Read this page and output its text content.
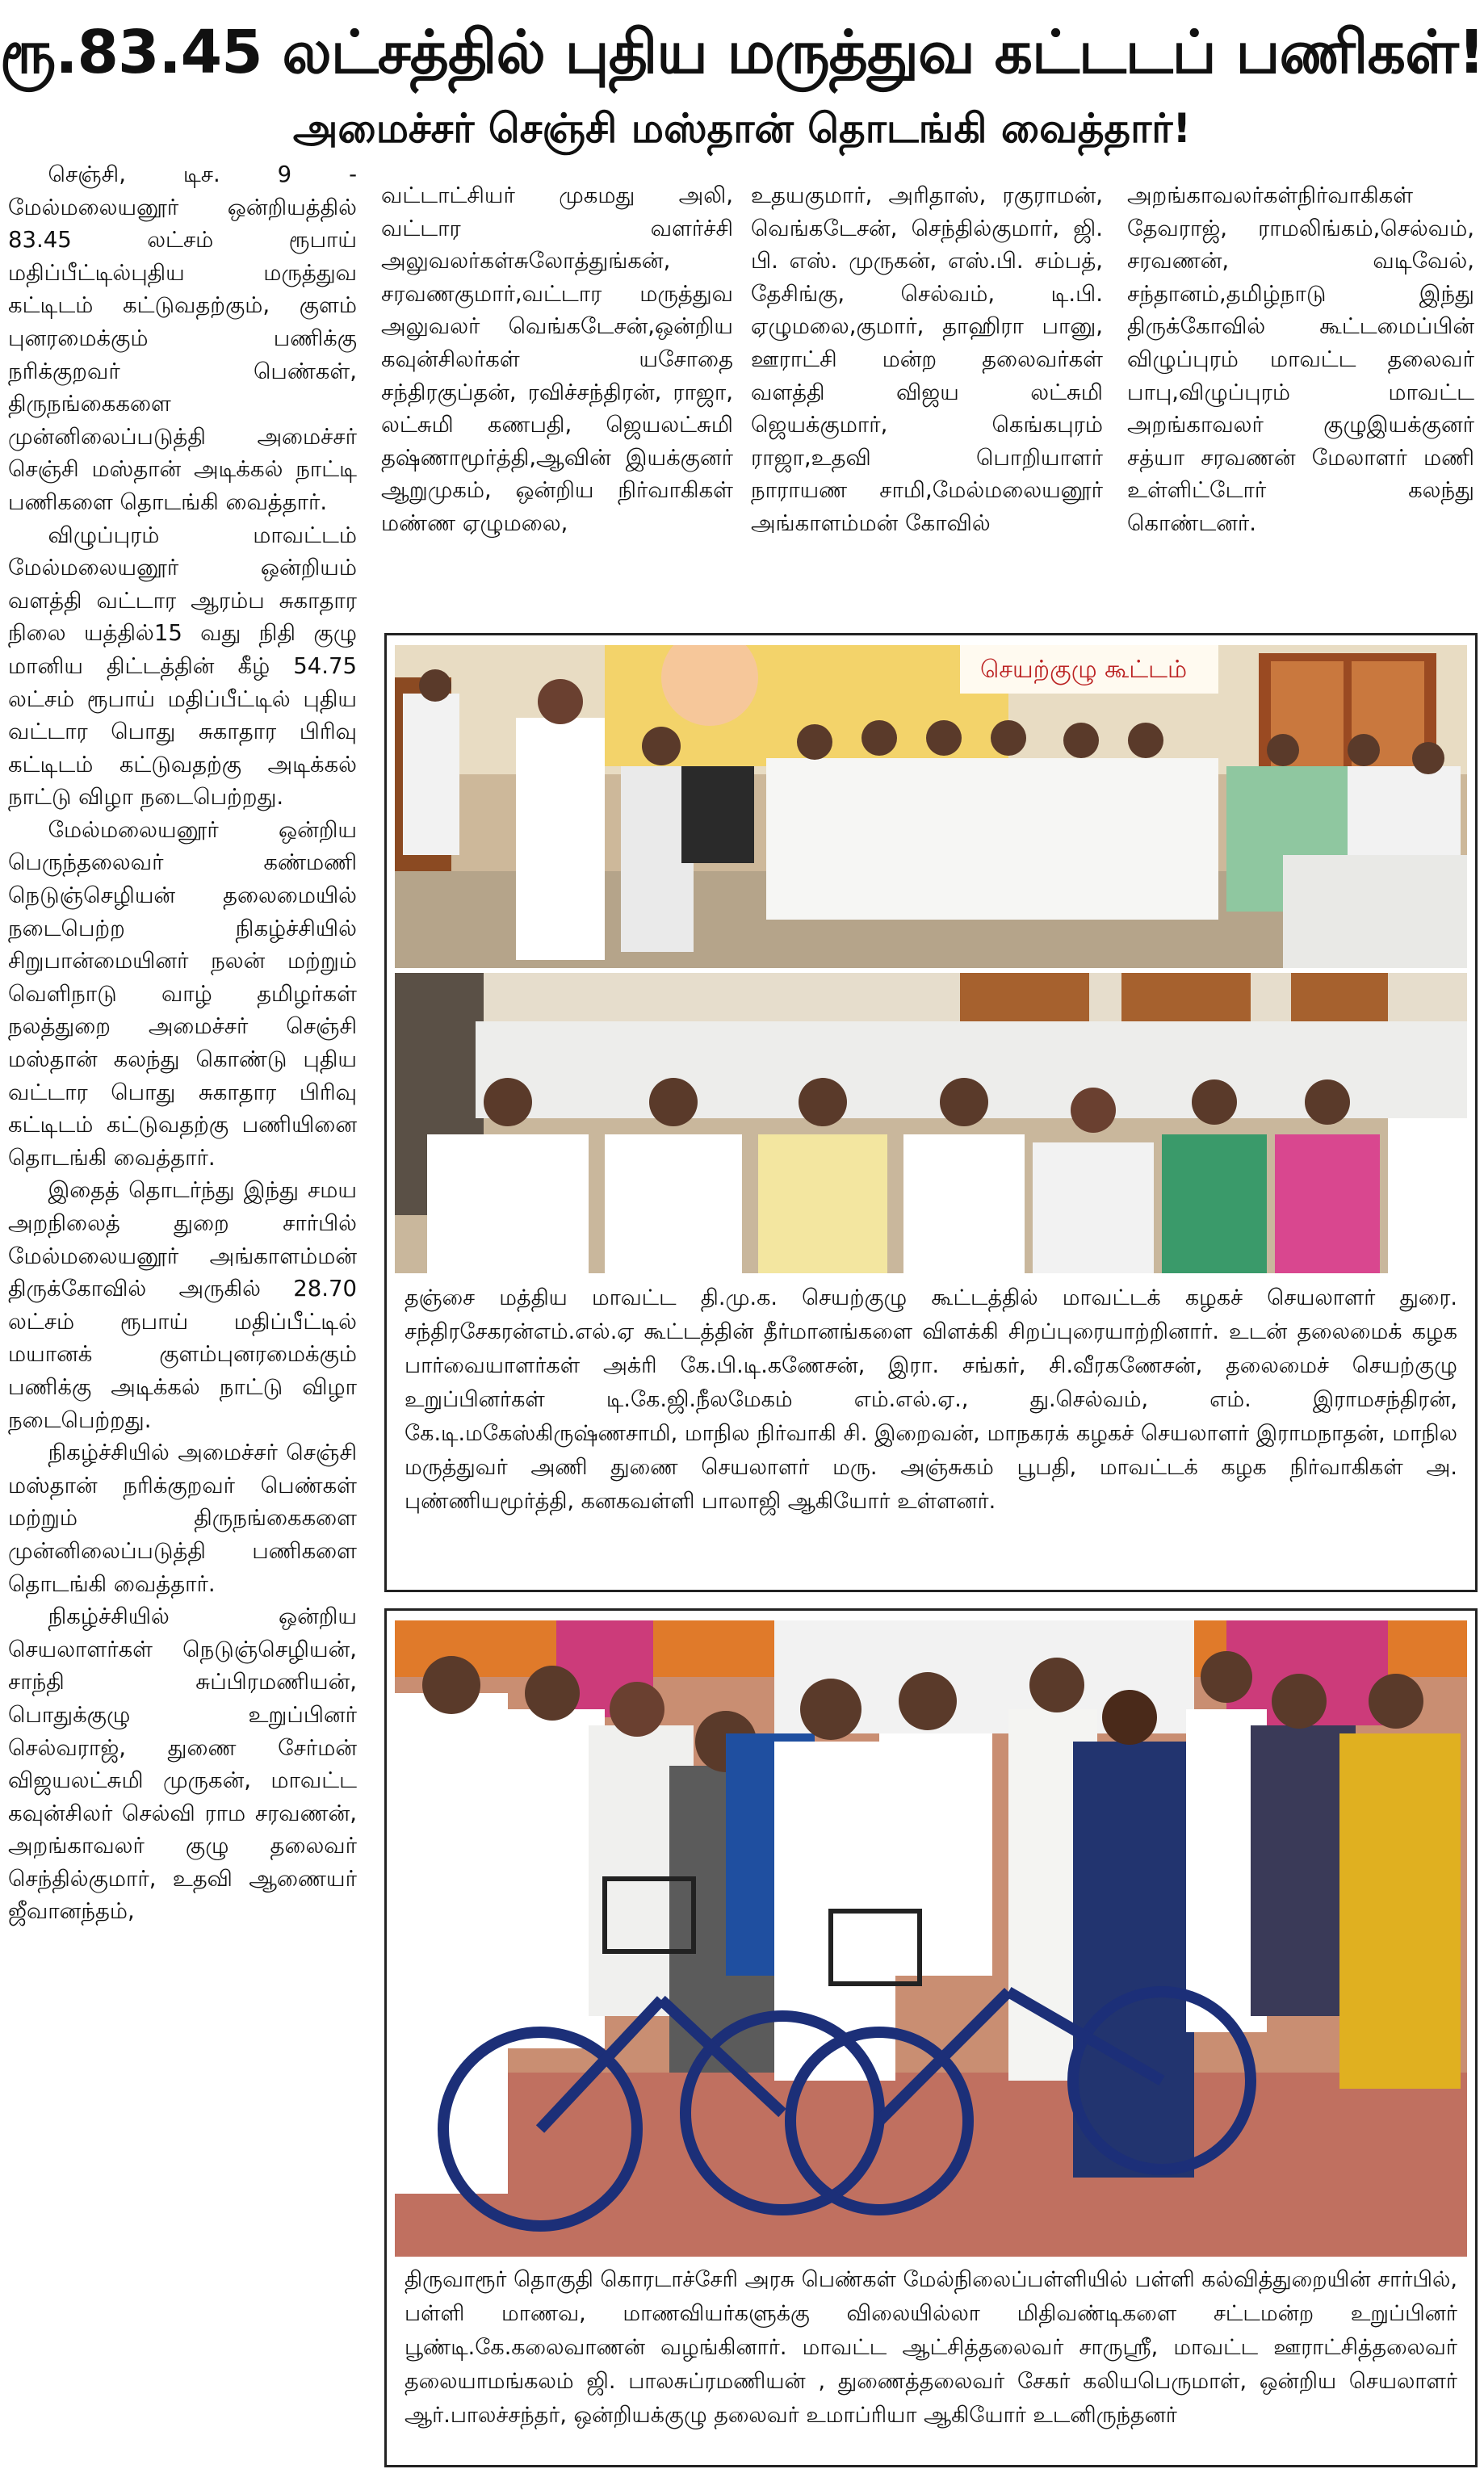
ரூ.83.45 லட்சத்தில் புதிய மருத்துவ கட்டடப் பணிகள்!
அமைச்சர் செஞ்சி மஸ்தான் தொடங்கி வைத்தார்!

செஞ்சி, டிச. 9 - மேல்மலையனூர் ஒன்றியத்தில் 83.45 லட்சம் ரூபாய் மதிப்பீட்டில்புதிய மருத்துவ கட்டிடம் கட்டுவதற்கும், குளம் புனரமைக்கும் பணிக்கு நரிக்குறவர் பெண்கள், திருநங்கைகளை முன்னிலைப்படுத்தி அமைச்சர் செஞ்சி மஸ்தான் அடிக்கல் நாட்டி பணிகளை தொடங்கி வைத்தார்.

விழுப்புரம் மாவட்டம் மேல்மலையனூர் ஒன்றியம் வளத்தி வட்டார ஆரம்ப சுகாதார நிலை யத்தில்15 வது நிதி குழு மானிய திட்டத்தின் கீழ் 54.75 லட்சம் ரூபாய் மதிப்பீட்டில் புதிய வட்டார பொது சுகாதார பிரிவு கட்டிடம் கட்டுவதற்கு அடிக்கல் நாட்டு விழா நடைபெற்றது.

மேல்மலையனூர் ஒன்றிய பெருந்தலைவர் கண்மணி நெடுஞ்செழியன் தலைமையில் நடைபெற்ற நிகழ்ச்சியில் சிறுபான்மையினர் நலன் மற்றும் வெளிநாடு வாழ் தமிழர்கள் நலத்துறை அமைச்சர் செஞ்சி மஸ்தான் கலந்து கொண்டு புதிய வட்டார பொது சுகாதார பிரிவு கட்டிடம் கட்டுவதற்கு பணியினை தொடங்கி வைத்தார்.

இதைத் தொடர்ந்து இந்து சமய அறநிலைத் துறை சார்பில் மேல்மலையனூர் அங்காளம்மன் திருக்கோவில் அருகில் 28.70 லட்சம் ரூபாய் மதிப்பீட்டில் மயானக் குளம்புனரமைக்கும் பணிக்கு அடிக்கல் நாட்டு விழா நடைபெற்றது.

நிகழ்ச்சியில் அமைச்சர் செஞ்சி மஸ்தான் நரிக்குறவர் பெண்கள் மற்றும் திருநங்கைகளை முன்னிலைப்படுத்தி பணிகளை தொடங்கி வைத்தார்.

நிகழ்ச்சியில் ஒன்றிய செயலாளர்கள் நெடுஞ்செழியன், சாந்தி சுப்பிரமணியன், பொதுக்குழு உறுப்பினர் செல்வராஜ், துணை சேர்மன் விஜயலட்சுமி முருகன், மாவட்ட கவுன்சிலர் செல்வி ராம சரவணன், அறங்காவலர் குழு தலைவர் செந்தில்குமார், உதவி ஆணையர் ஜீவானந்தம்,

வட்டாட்சியர் முகமது அலி, வட்டார வளர்ச்சி அலுவலர்கள்சுலோத்துங்கன், சரவணகுமார்,வட்டார மருத்துவ அலுவலர் வெங்கடேசன்,ஒன்றிய கவுன்சிலர்கள் யசோதை சந்திரகுப்தன், ரவிச்சந்திரன், ராஜா, லட்சுமி கணபதி, ஜெயலட்சுமி தஷ்ணாமூர்த்தி,ஆவின் இயக்குனர் ஆறுமுகம், ஒன்றிய நிர்வாகிகள் மண்ண ஏழுமலை,
உதயகுமார், அரிதாஸ், ரகுராமன், வெங்கடேசன், செந்தில்குமார், ஜி. பி. எஸ். முருகன், எஸ்.பி. சம்பத், தேசிங்கு, செல்வம், டி.பி. ஏழுமலை,குமார், தாஹிரா பானு, ஊராட்சி மன்ற தலைவர்கள் வளத்தி விஜய லட்சுமி ஜெயக்குமார், கெங்கபுரம் ராஜா,உதவி பொறியாளர் நாராயண சாமி,மேல்மலையனூர் அங்காளம்மன் கோவில்
அறங்காவலர்கள்நிர்வாகிகள் தேவராஜ், ராமலிங்கம்,செல்வம், சரவணன், வடிவேல், சந்தானம்,தமிழ்நாடு இந்து திருக்கோவில் கூட்டமைப்பின் விழுப்புரம் மாவட்ட தலைவர் பாபு,விழுப்புரம் மாவட்ட அறங்காவலர் குழுஇயக்குனர் சத்யா சரவணன் மேலாளர் மணி உள்ளிட்டோர் கலந்து கொண்டனர்.
செயற்குழு கூட்டம்
தஞ்சை மத்திய மாவட்ட தி.மு.க. செயற்குழு கூட்டத்தில் மாவட்டக் கழகச் செயலாளர் துரை. சந்திரசேகரன்எம்.எல்.ஏ கூட்டத்தின் தீர்மானங்களை விளக்கி சிறப்புரையாற்றினார். உடன் தலைமைக் கழக பார்வையாளர்கள் அக்ரி கே.பி.டி.கணேசன், இரா. சங்கர், சி.வீரகணேசன், தலைமைச் செயற்குழு உறுப்பினர்கள் டி.கே.ஜி.நீலமேகம் எம்.எல்.ஏ., து.செல்வம், எம். இராமசந்திரன், கே.டி.மகேஸ்கிருஷ்ணசாமி, மாநில நிர்வாகி சி. இறைவன், மாநகரக் கழகச் செயலாளர் இராமநாதன், மாநில மருத்துவர் அணி துணை செயலாளர் மரு. அஞ்சுகம் பூபதி, மாவட்டக் கழக நிர்வாகிகள் அ. புண்ணியமூர்த்தி, கனகவள்ளி பாலாஜி ஆகியோர் உள்ளனர்.
திருவாரூர் தொகுதி கொரடாச்சேரி அரசு பெண்கள் மேல்நிலைப்பள்ளியில் பள்ளி கல்வித்துறையின் சார்பில், பள்ளி மாணவ, மாணவியர்களுக்கு விலையில்லா மிதிவண்டிகளை சட்டமன்ற உறுப்பினர் பூண்டி.கே.கலைவாணன் வழங்கினார். மாவட்ட ஆட்சித்தலைவர் சாருஸ்ரீ, மாவட்ட ஊராட்சித்தலைவர் தலையாமங்கலம் ஜி. பாலசுப்ரமணியன் , துணைத்தலைவர் சேகர் கலியபெருமாள், ஒன்றிய செயலாளர் ஆர்.பாலச்சந்தர், ஒன்றியக்குழு தலைவர் உமாப்ரியா ஆகியோர் உடனிருந்தனர்
